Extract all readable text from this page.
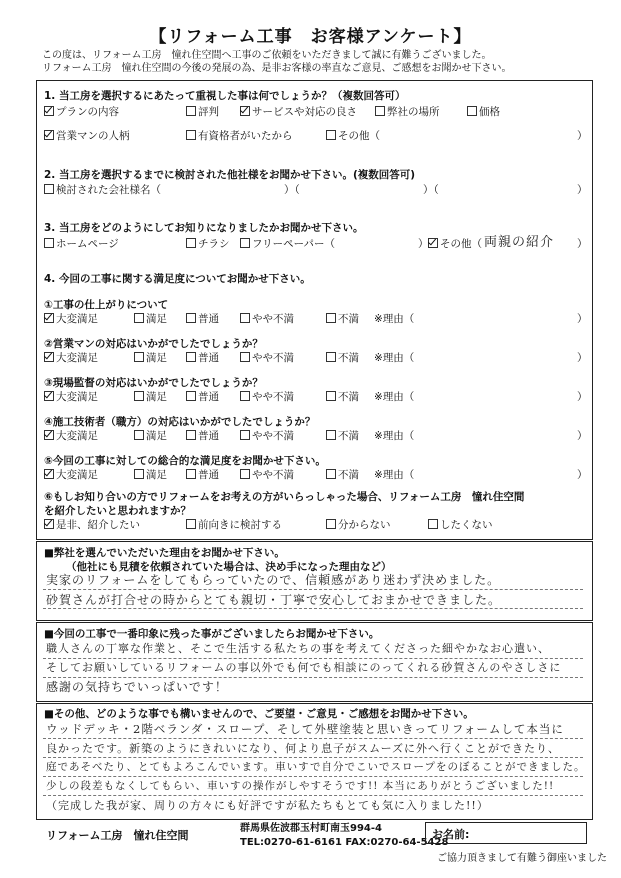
【リフォーム工事　お客様アンケート】
この度は、リフォーム工房　憧れ住空間へ工事のご依頼をいただきまして誠に有難うございました。
リフォーム工房　憧れ住空間の今後の発展の為、是非お客様の率直なご意見、ご感想をお聞かせ下さい。
1. 当工房を選択するにあたって重視した事は何でしょうか？（複数回答可）
プランの内容	評判	サービスや対応の良さ	弊社の場所	価格
営業マンの人柄	有資格者がいたから	その他（	）
2. 当工房を選択するまでに検討された他社様をお聞かせ下さい。(複数回答可)
検討された会社様名（	）（	）（	）
3. 当工房をどのようにしてお知りになりましたかお聞かせ下さい。
ホームページ	チラシ	フリーペーパー（	）	その他（ 両親の紹介 ）
4. 今回の工事に関する満足度についてお聞かせ下さい。
①工事の仕上がりについて
大変満足	満足	普通	やや不満	不満 ※理由（	）
②営業マンの対応はいかがでしたでしょうか？
大変満足	満足	普通	やや不満	不満 ※理由（	）
③現場監督の対応はいかがでしたでしょうか？
大変満足	満足	普通	やや不満	不満 ※理由（	）
④施工技術者（職方）の対応はいかがでしたでしょうか？
大変満足	満足	普通	やや不満	不満 ※理由（	）
⑤今回の工事に対しての総合的な満足度をお聞かせ下さい。
大変満足	満足	普通	やや不満	不満 ※理由（	）
⑥もしお知り合いの方でリフォームをお考えの方がいらっしゃった場合、リフォーム工房　憧れ住空間
を紹介したいと思われますか？
是非、紹介したい	前向きに検討する	分からない	したくない
■弊社を選んでいただいた理由をお聞かせ下さい。
（他社にも見積を依頼されていた場合は、決め手になった理由など）
実家のリフォームをしてもらっていたので、信頼感があり迷わず決めました。
砂賀さんが打合せの時からとても親切・丁寧で安心しておまかせできました。
■今回の工事で一番印象に残った事がございましたらお聞かせ下さい。
職人さんの丁寧な作業と、そこで生活する私たちの事を考えてくださった細やかなお心遣い、
そしてお願いしているリフォームの事以外でも何でも相談にのってくれる砂賀さんのやさしさに
感謝の気持ちでいっぱいです！
■その他、どのような事でも構いませんので、ご要望・ご意見・ご感想をお聞かせ下さい。
ウッドデッキ・2階ベランダ・スロープ、そして外壁塗装と思いきってリフォームして本当に
良かったです。新築のようにきれいになり、何より息子がスムーズに外へ行くことができたり、
庭であそべたり、とてもよろこんでいます。車いすで自分でこいでスロープをのぼることができました。
少しの段差もなくしてもらい、車いすの操作がしやすそうです!! 本当にありがとうございました!!
（完成した我が家、周りの方々にも好評ですが私たちもとても気に入りました!!）
リフォーム工房　憧れ住空間
群馬県佐波郡玉村町南玉994-4
TEL:0270-61-6161 FAX:0270-64-5428
お名前:
ご協力頂きまして有難う御座いました
